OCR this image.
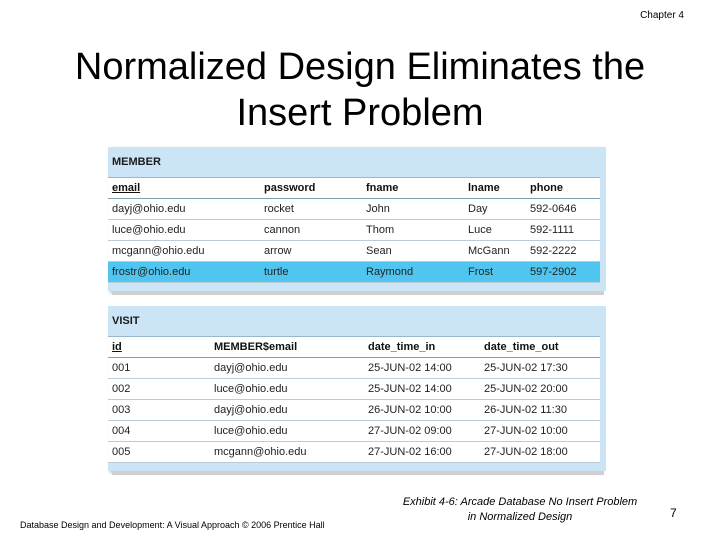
Chapter 4
Normalized Design Eliminates the
Insert Problem
MEMBER
email	password	fname	lname	phone
dayj@ohio.edu	rocket	John	Day	592-0646
luce@ohio.edu	cannon	Thom	Luce	592-1111
mcgann@ohio.edu	arrow	Sean	McGann	592-2222
frostr@ohio.edu	turtle	Raymond	Frost	597-2902
VISIT
id	MEMBER$email	date_time_in	date_time_out
001	dayj@ohio.edu	25-JUN-02 14:00	25-JUN-02 17:30
002	luce@ohio.edu	25-JUN-02 14:00	25-JUN-02 20:00
003	dayj@ohio.edu	26-JUN-02 10:00	26-JUN-02 11:30
004	luce@ohio.edu	27-JUN-02 09:00	27-JUN-02 10:00
005	mcgann@ohio.edu	27-JUN-02 16:00	27-JUN-02 18:00
Database Design and Development: A Visual Approach © 2006 Prentice Hall
Exhibit 4-6: Arcade Database No Insert Problem
in Normalized Design	7
